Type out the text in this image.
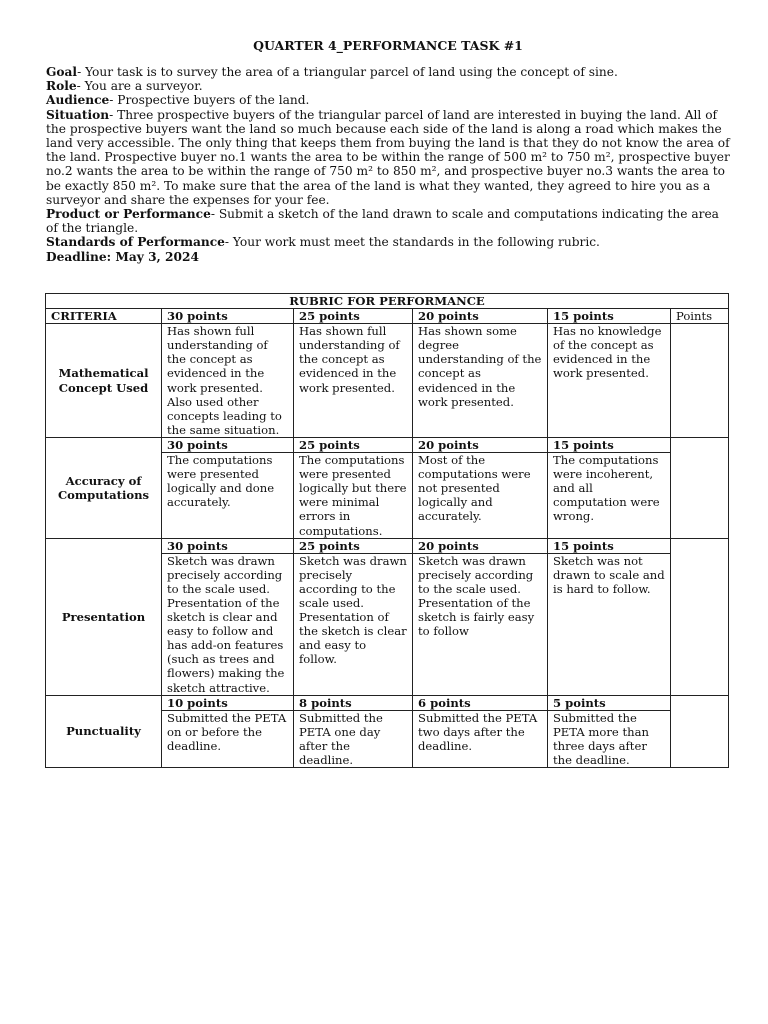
QUARTER 4_PERFORMANCE TASK #1

Goal- Your task is to survey the area of a triangular parcel of land using the concept of sine.

Role- You are a surveyor.

Audience- Prospective buyers of the land.

Situation- Three prospective buyers of the triangular parcel of land are interested in buying the land. All of the prospective buyers want the land so much because each side of the land is along a road which makes the land very accessible. The only thing that keeps them from buying the land is that they do not know the area of the land. Prospective buyer no.1 wants the area to be within the range of 500 m² to 750 m², prospective buyer no.2 wants the area to be within the range of 750 m² to 850 m², and prospective buyer no.3 wants the area to be exactly 850 m². To make sure that the area of the land is what they wanted, they agreed to hire you as a surveyor and share the expenses for your fee.

Product or Performance- Submit a sketch of the land drawn to scale and computations indicating the area of the triangle.

Standards of Performance- Your work must meet the standards in the following rubric.

Deadline: May 3, 2024

RUBRIC FOR PERFORMANCE					
CRITERIA	30 points	25 points	20 points	15 points	Points
Mathematical Concept Used	Has shown full understanding of the concept as evidenced in the work presented. Also used other concepts leading to the same situation.	Has shown full understanding of the concept as evidenced in the work presented.	Has shown some degree understanding of the concept as evidenced in the work presented.	Has no knowledge of the concept as evidenced in the work presented.	
Accuracy of Computations	30 points	25 points	20 points	15 points	
	The computations were presented logically and done accurately.	The computations were presented logically but there were minimal errors in computations.	Most of the computations were not presented logically and accurately.	The computations were incoherent, and all computation were wrong.	
Presentation	30 points	25 points	20 points	15 points	
	Sketch was drawn precisely according to the scale used. Presentation of the sketch is clear and easy to follow and has add-on features (such as trees and flowers) making the sketch attractive.	Sketch was drawn precisely according to the scale used. Presentation of the sketch is clear and easy to follow.	Sketch was drawn precisely according to the scale used. Presentation of the sketch is fairly easy to follow	Sketch was not drawn to scale and is hard to follow.	
Punctuality	10 points	8 points	6 points	5 points	
	Submitted the PETA on or before the deadline.	Submitted the PETA one day after the deadline.	Submitted the PETA two days after the deadline.	Submitted the PETA more than three days after the deadline.	
